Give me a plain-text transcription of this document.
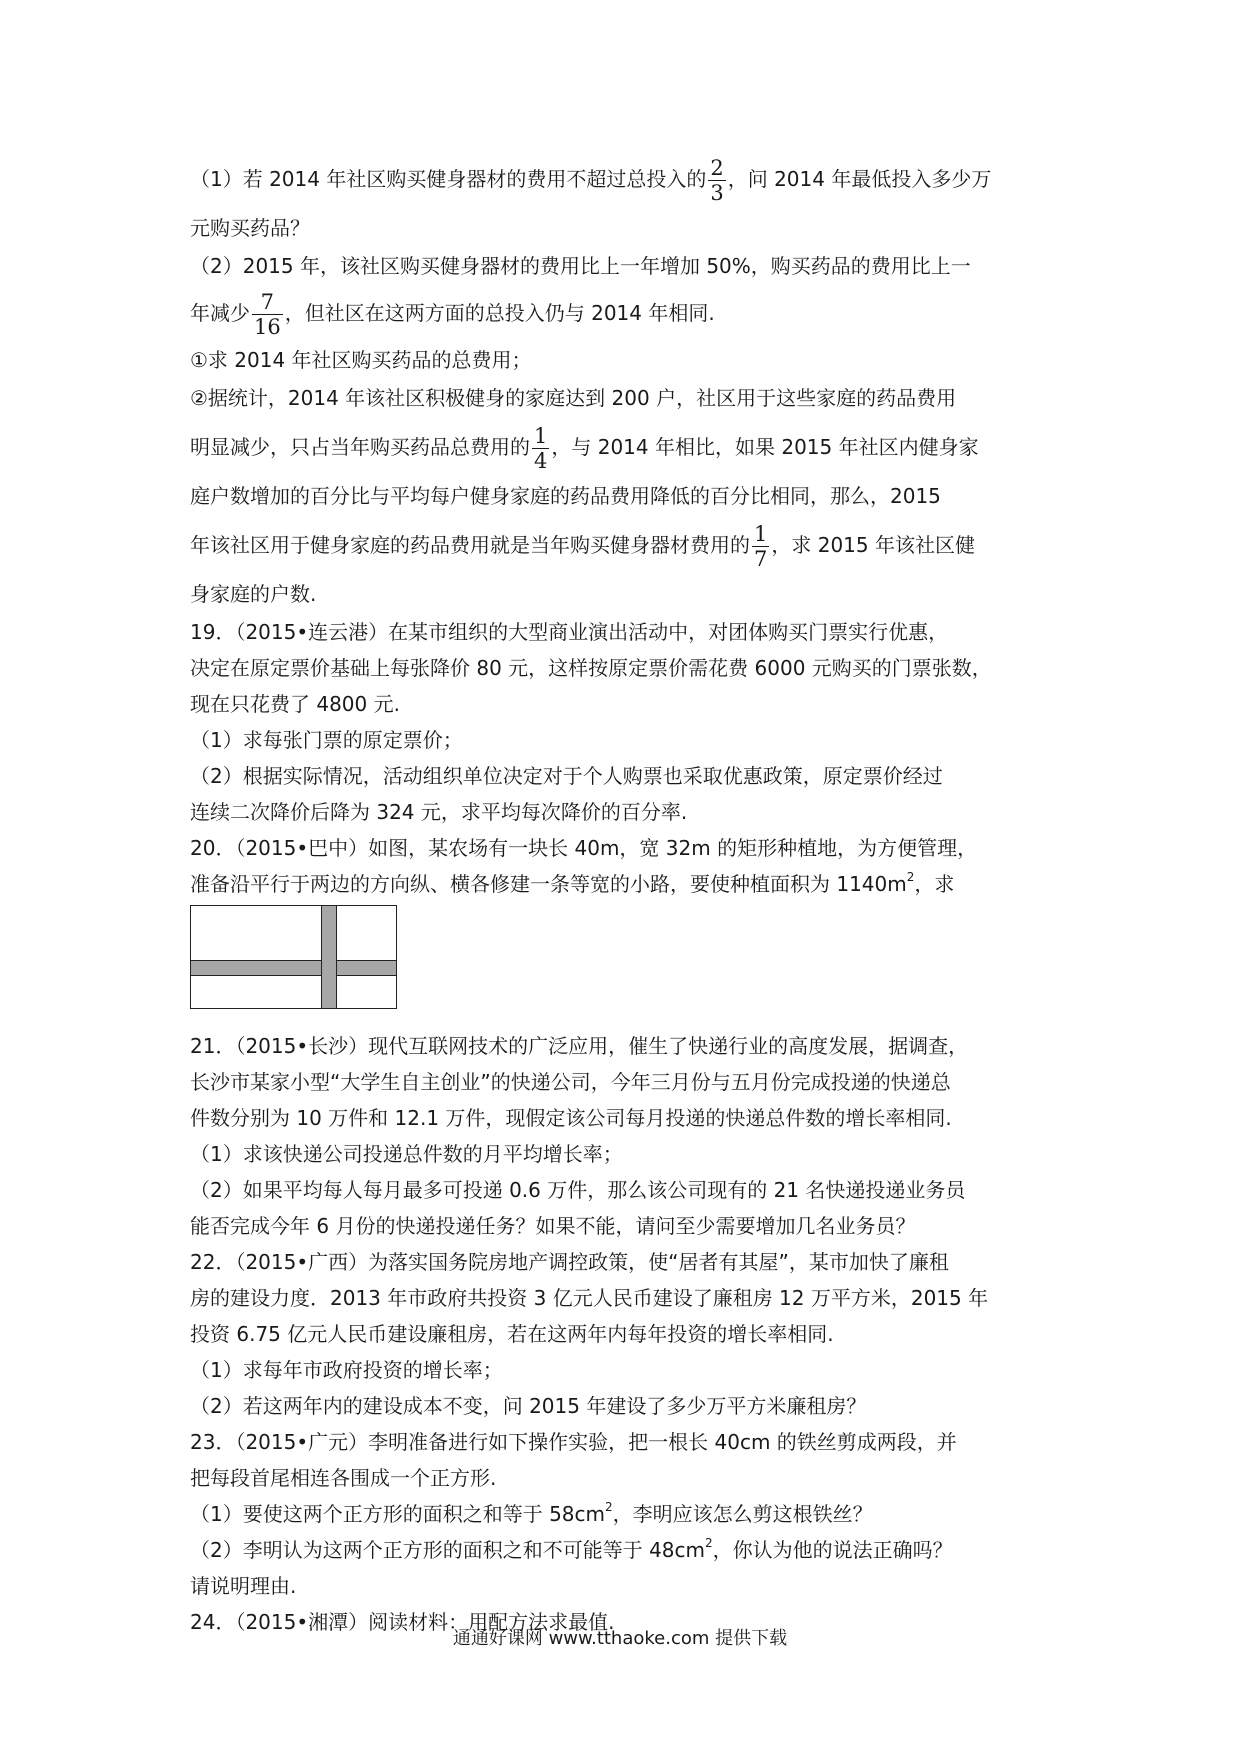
（1）若 2014 年社区购买健身器材的费用不超过总投入的 $\frac{2}{3}$ ，问 2014 年最低投入多少万
元购买药品？
（2）2015 年，该社区购买健身器材的费用比上一年增加 50%，购买药品的费用比上一
年减少 $\frac{7}{16}$ ，但社区在这两方面的总投入仍与 2014 年相同.
①求 2014 年社区购买药品的总费用；
②据统计，2014 年该社区积极健身的家庭达到 200 户，社区用于这些家庭的药品费用
明显减少，只占当年购买药品总费用的 $\frac{1}{4}$ ，与 2014 年相比，如果 2015 年社区内健身家
庭户数增加的百分比与平均每户健身家庭的药品费用降低的百分比相同，那么，2015
年该社区用于健身家庭的药品费用就是当年购买健身器材费用的 $\frac{1}{7}$ ，求 2015 年该社区健
身家庭的户数.
19．（2015•连云港）在某市组织的大型商业演出活动中，对团体购买门票实行优惠，
决定在原定票价基础上每张降价 80 元，这样按原定票价需花费 6000 元购买的门票张数，
现在只花费了 4800 元.
（1）求每张门票的原定票价；
（2）根据实际情况，活动组织单位决定对于个人购票也采取优惠政策，原定票价经过
连续二次降价后降为 324 元，求平均每次降价的百分率.
20．（2015•巴中）如图，某农场有一块长 40m，宽 32m 的矩形种植地，为方便管理，
准备沿平行于两边的方向纵、横各修建一条等宽的小路，要使种植面积为 $1140m^2$，求
21．（2015•长沙）现代互联网技术的广泛应用，催生了快递行业的高度发展，据调查，
长沙市某家小型“大学生自主创业”的快递公司，今年三月份与五月份完成投递的快递总
件数分别为 10 万件和 12.1 万件，现假定该公司每月投递的快递总件数的增长率相同.
（1）求该快递公司投递总件数的月平均增长率；
（2）如果平均每人每月最多可投递 0.6 万件，那么该公司现有的 21 名快递投递业务员
能否完成今年 6 月份的快递投递任务？如果不能，请问至少需要增加几名业务员？
22．（2015•广西）为落实国务院房地产调控政策，使“居者有其屋”，某市加快了廉租
房的建设力度．2013 年市政府共投资 3 亿元人民币建设了廉租房 12 万平方米，2015 年
投资 6.75 亿元人民币建设廉租房，若在这两年内每年投资的增长率相同.
（1）求每年市政府投资的增长率；
（2）若这两年内的建设成本不变，问 2015 年建设了多少万平方米廉租房？
23．（2015•广元）李明准备进行如下操作实验，把一根长 40cm 的铁丝剪成两段，并
把每段首尾相连各围成一个正方形.
（1）要使这两个正方形的面积之和等于 $58cm^2$，李明应该怎么剪这根铁丝？
（2）李明认为这两个正方形的面积之和不可能等于 $48cm^2$，你认为他的说法正确吗？
请说明理由.
24．（2015•湘潭）阅读材料：用配方法求最值.
通通好课网 www.tthaoke.com 提供下载
